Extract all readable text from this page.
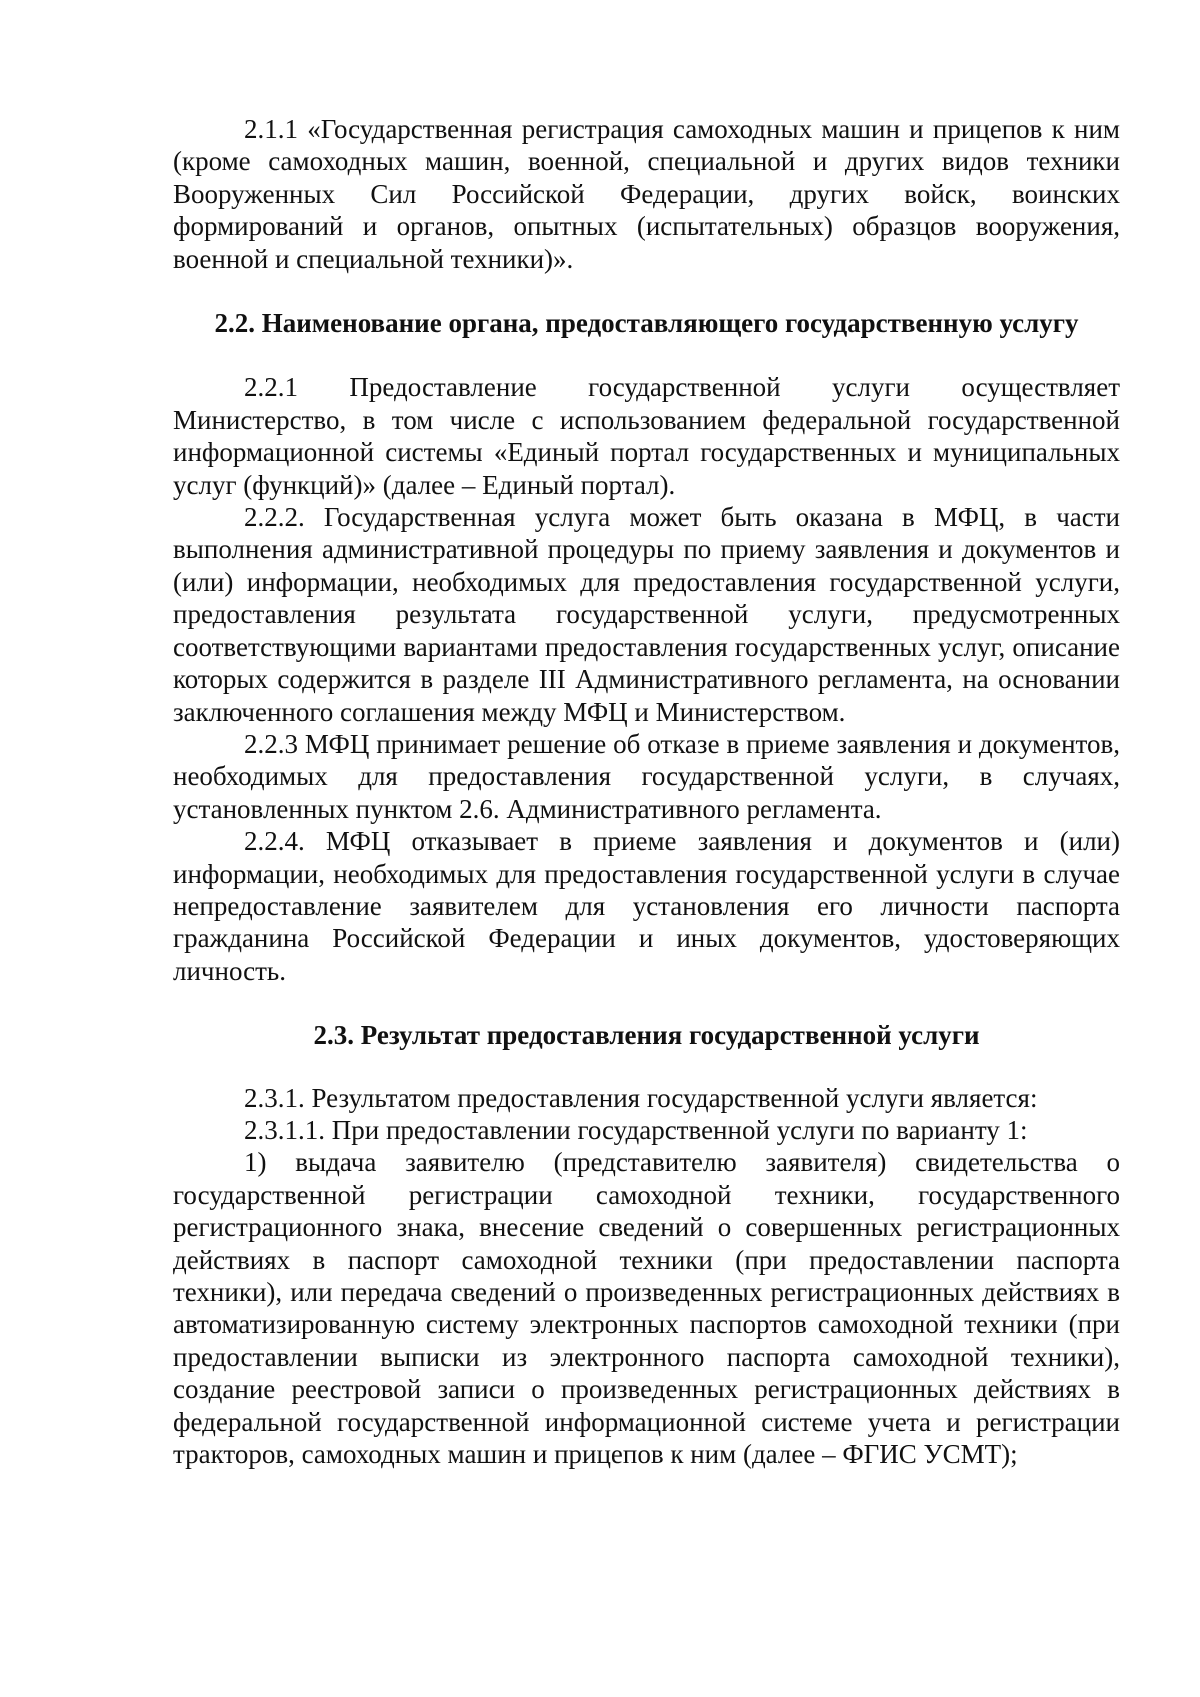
2.1.1 «Государственная регистрация самоходных машин и прицепов к ним (кроме самоходных машин, военной, специальной и других видов техники Вооруженных Сил Российской Федерации, других войск, воинских формирований и органов, опытных (испытательных) образцов вооружения, военной и специальной техники)».

2.2. Наименование органа, предоставляющего государственную услугу

2.2.1 Предоставление государственной услуги осуществляет Министерство, в том числе с использованием федеральной государственной информационной системы «Единый портал государственных и муниципальных услуг (функций)» (далее – Единый портал).

2.2.2. Государственная услуга может быть оказана в МФЦ, в части выполнения административной процедуры по приему заявления и документов и (или) информации, необходимых для предоставления государственной услуги, предоставления результата государственной услуги, предусмотренных соответствующими вариантами предоставления государственных услуг, описание которых содержится в разделе III Административного регламента, на основании заключенного соглашения между МФЦ и Министерством.

2.2.3 МФЦ принимает решение об отказе в приеме заявления и документов, необходимых для предоставления государственной услуги, в случаях, установленных пунктом 2.6. Административного регламента.

2.2.4. МФЦ отказывает в приеме заявления и документов и (или) информации, необходимых для предоставления государственной услуги в случае непредоставление заявителем для установления его личности паспорта гражданина Российской Федерации и иных документов, удостоверяющих личность.

2.3. Результат предоставления государственной услуги

2.3.1. Результатом предоставления государственной услуги является:

2.3.1.1. При предоставлении государственной услуги по варианту 1:

1) выдача заявителю (представителю заявителя) свидетельства о государственной регистрации самоходной техники, государственного регистрационного знака, внесение сведений о совершенных регистрационных действиях в паспорт самоходной техники (при предоставлении паспорта техники), или передача сведений о произведенных регистрационных действиях в автоматизированную систему электронных паспортов самоходной техники (при предоставлении выписки из электронного паспорта самоходной техники), создание реестровой записи о произведенных регистрационных действиях в федеральной государственной информационной системе учета и регистрации тракторов, самоходных машин и прицепов к ним (далее – ФГИС УСМТ);
